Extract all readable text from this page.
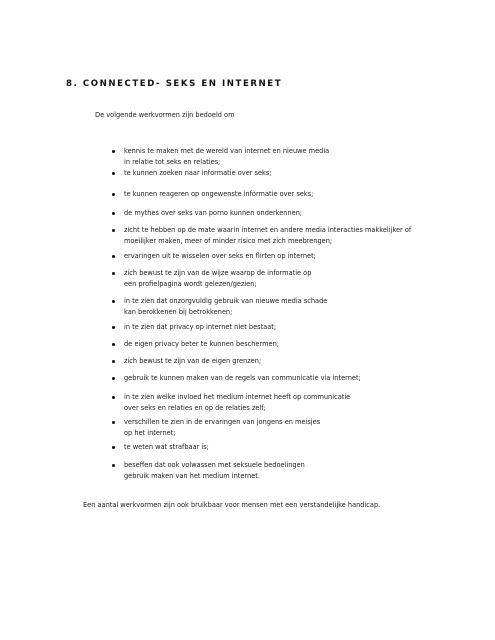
8. CONNECTED- SEKS EN INTERNET
De volgende werkvormen zijn bedoeld om
kennis te maken met de wereld van internet en nieuwe media
in relatie tot seks en relaties;
te kunnen zoeken naar informatie over seks;
te kunnen reageren op ongewenste informatie over seks;
de mythes over seks van porno kunnen onderkennen;
zicht te hebben op de mate waarin internet en andere media interacties makkelijker of
moeilijker maken, meer of minder risico met zich meebrengen;
ervaringen uit te wisselen over seks en flirten op internet;
zich bewust te zijn van de wijze waarop de informatie op
een profielpagina wordt gelezen/gezien;
in te zien dat onzorgvuldig gebruik van nieuwe media schade
kan berokkenen bij betrokkenen;
in te zien dat privacy op internet niet bestaat;
de eigen privacy beter te kunnen beschermen;
zich bewust te zijn van de eigen grenzen;
gebruik te kunnen maken van de regels van communicatie via internet;
in te zien welke invloed het medium internet heeft op communicatie
over seks en relaties en op de relaties zelf;
verschillen te zien in de ervaringen van jongens en meisjes
op het internet;
te weten wat strafbaar is;
beseffen dat ook volwassen met seksuele bedoelingen
gebruik maken van het medium internet.
Een aantal werkvormen zijn ook bruikbaar voor mensen met een verstandelijke handicap.
